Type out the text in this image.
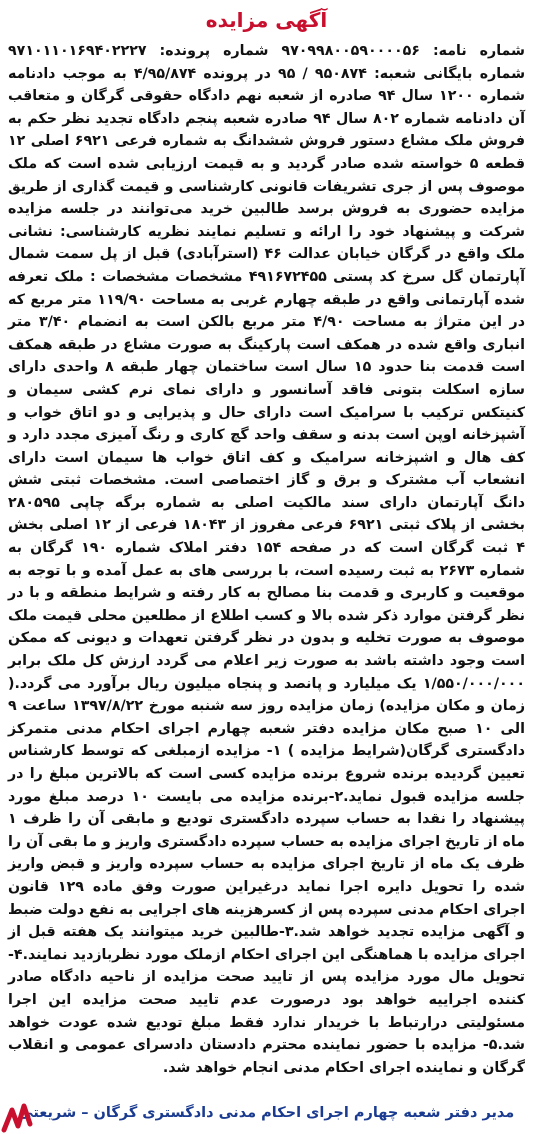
آگهی مزایده

شماره نامه: ۹۷۰۹۹۸۰۰۵۹۰۰۰۰۵۶ شماره پرونده: ۹۷۱۰۱۱۰۱۶۹۴۰۲۲۲۷ شماره بایگانی شعبه: ۹۵۰۸۷۴ / ۹۵ در پرونده ۴/۹۵/۸۷۴ به موجب دادنامه شماره ۱۲۰۰ سال ۹۴ صادره از شعبه نهم دادگاه حقوقی گرگان و متعاقب آن دادنامه شماره ۸۰۲ سال ۹۴ صادره شعبه پنجم دادگاه تجدید نظر حکم به فروش ملک مشاع دستور فروش ششدانگ به شماره فرعی ۶۹۲۱ اصلی ۱۲ قطعه ۵ خواسته شده صادر گردید و به قیمت ارزیابی شده است که ملک موصوف پس از جری تشریفات قانونی کارشناسی و قیمت گذاری از طریق مزایده حضوری به فروش برسد طالبین خرید می‌توانند در جلسه مزایده شرکت و پیشنهاد خود را ارائه و تسلیم نمایند نظریه کارشناسی: نشانی ملک واقع در گرگان خیابان عدالت ۴۶ (استرآبادی) قبل از پل سمت شمال آپارتمان گل سرخ کد پستی ۴۹۱۶۷۲۴۵۵ مشخصات مشخصات : ملک تعرفه شده آپارتمانی واقع در طبقه چهارم غربی به مساحت ۱۱۹/۹۰ متر مربع که در این متراژ به مساحت ۴/۹۰ متر مربع بالکن است به انضمام ۳/۴۰ متر انباری واقع شده در همکف است پارکینگ به صورت مشاع در طبقه همکف است قدمت بنا حدود ۱۵ سال است ساختمان چهار طبقه ۸ واحدی دارای سازه اسکلت بتونی فاقد آسانسور و دارای نمای نرم کشی سیمان و کنیتکس ترکیب با سرامیک است دارای حال و پذیرایی و دو اتاق خواب و آشپزخانه اوپن است بدنه و سقف واحد گچ کاری و رنگ آمیزی مجدد دارد و کف هال و اشپزخانه سرامیک و کف اتاق خواب ها سیمان است دارای انشعاب آب مشترک و برق و گاز اختصاصی است. مشخصات ثبتی شش دانگ آپارتمان دارای سند مالکیت اصلی به شماره برگه چاپی ۲۸۰۵۹۵ بخشی از پلاک ثبتی ۶۹۲۱ فرعی مفروز از ۱۸۰۴۳ فرعی از ۱۲ اصلی بخش ۴ ثبت گرگان است که در صفحه ۱۵۴ دفتر املاک شماره ۱۹۰ گرگان به شماره ۲۶۷۳ به ثبت رسیده است، با بررسی های به عمل آمده و با توجه به موقعیت و کاربری و قدمت بنا مصالح به کار رفته و شرایط منطقه و با در نظر گرفتن موارد ذکر شده بالا و کسب اطلاع از مطلعین محلی قیمت ملک موصوف به صورت تخلیه و بدون در نظر گرفتن تعهدات و دیونی که ممکن است وجود داشته باشد به صورت زیر اعلام می گردد ارزش کل ملک برابر ۱/۵۵۰/۰۰۰/۰۰۰ یک میلیارد و پانصد و پنجاه میلیون ریال برآورد می گردد.( زمان و مکان مزایده) زمان مزایده روز سه شنبه مورخ ۱۳۹۷/۸/۲۲ ساعت ۹ الی ۱۰ صبح مکان مزایده دفتر شعبه چهارم اجرای احکام مدنی متمرکز دادگستری گرگان(شرایط مزایده ) ۱- مزایده ازمبلغی که توسط کارشناس تعیین گردیده برنده شروع برنده مزایده کسی است که بالاترین مبلغ را در جلسه مزایده قبول نماید.۲-برنده مزایده می بایست ۱۰ درصد مبلغ مورد پیشنهاد را نقدا به حساب سپرده دادگستری تودیع و مابقی آن را ظرف ۱ ماه از تاریخ اجرای مزایده به حساب سپرده دادگستری واریز و ما بقی آن را ظرف یک ماه از تاریخ اجرای مزایده به حساب سپرده واریز و قبض واریز شده را تحویل دایره اجرا نماید درغیراین صورت وفق ماده ۱۲۹ قانون اجرای احکام مدنی سپرده پس از کسرهزینه های اجرایی به نفع دولت ضبط و آگهی مزایده تجدید خواهد شد.۳-طالبین خرید میتوانند یک هفته قبل از اجرای مزایده با هماهنگی این اجرای احکام ازملک مورد نظربازدید نمایند.۴-تحویل مال مورد مزایده پس از تایید صحت مزایده از ناحیه دادگاه صادر کننده اجراییه خواهد بود درصورت عدم تایید صحت مزایده این اجرا مسئولیتی درارتباط با خریدار ندارد فقط مبلغ تودیع شده عودت خواهد شد.۵- مزایده با حضور نماینده محترم دادستان دادسرای عمومی و انقلاب گرگان و نماینده اجرای احکام مدنی انجام خواهد شد.

مدیر دفتر شعبه چهارم اجرای احکام مدنی دادگستری گرگان – شریعتی
